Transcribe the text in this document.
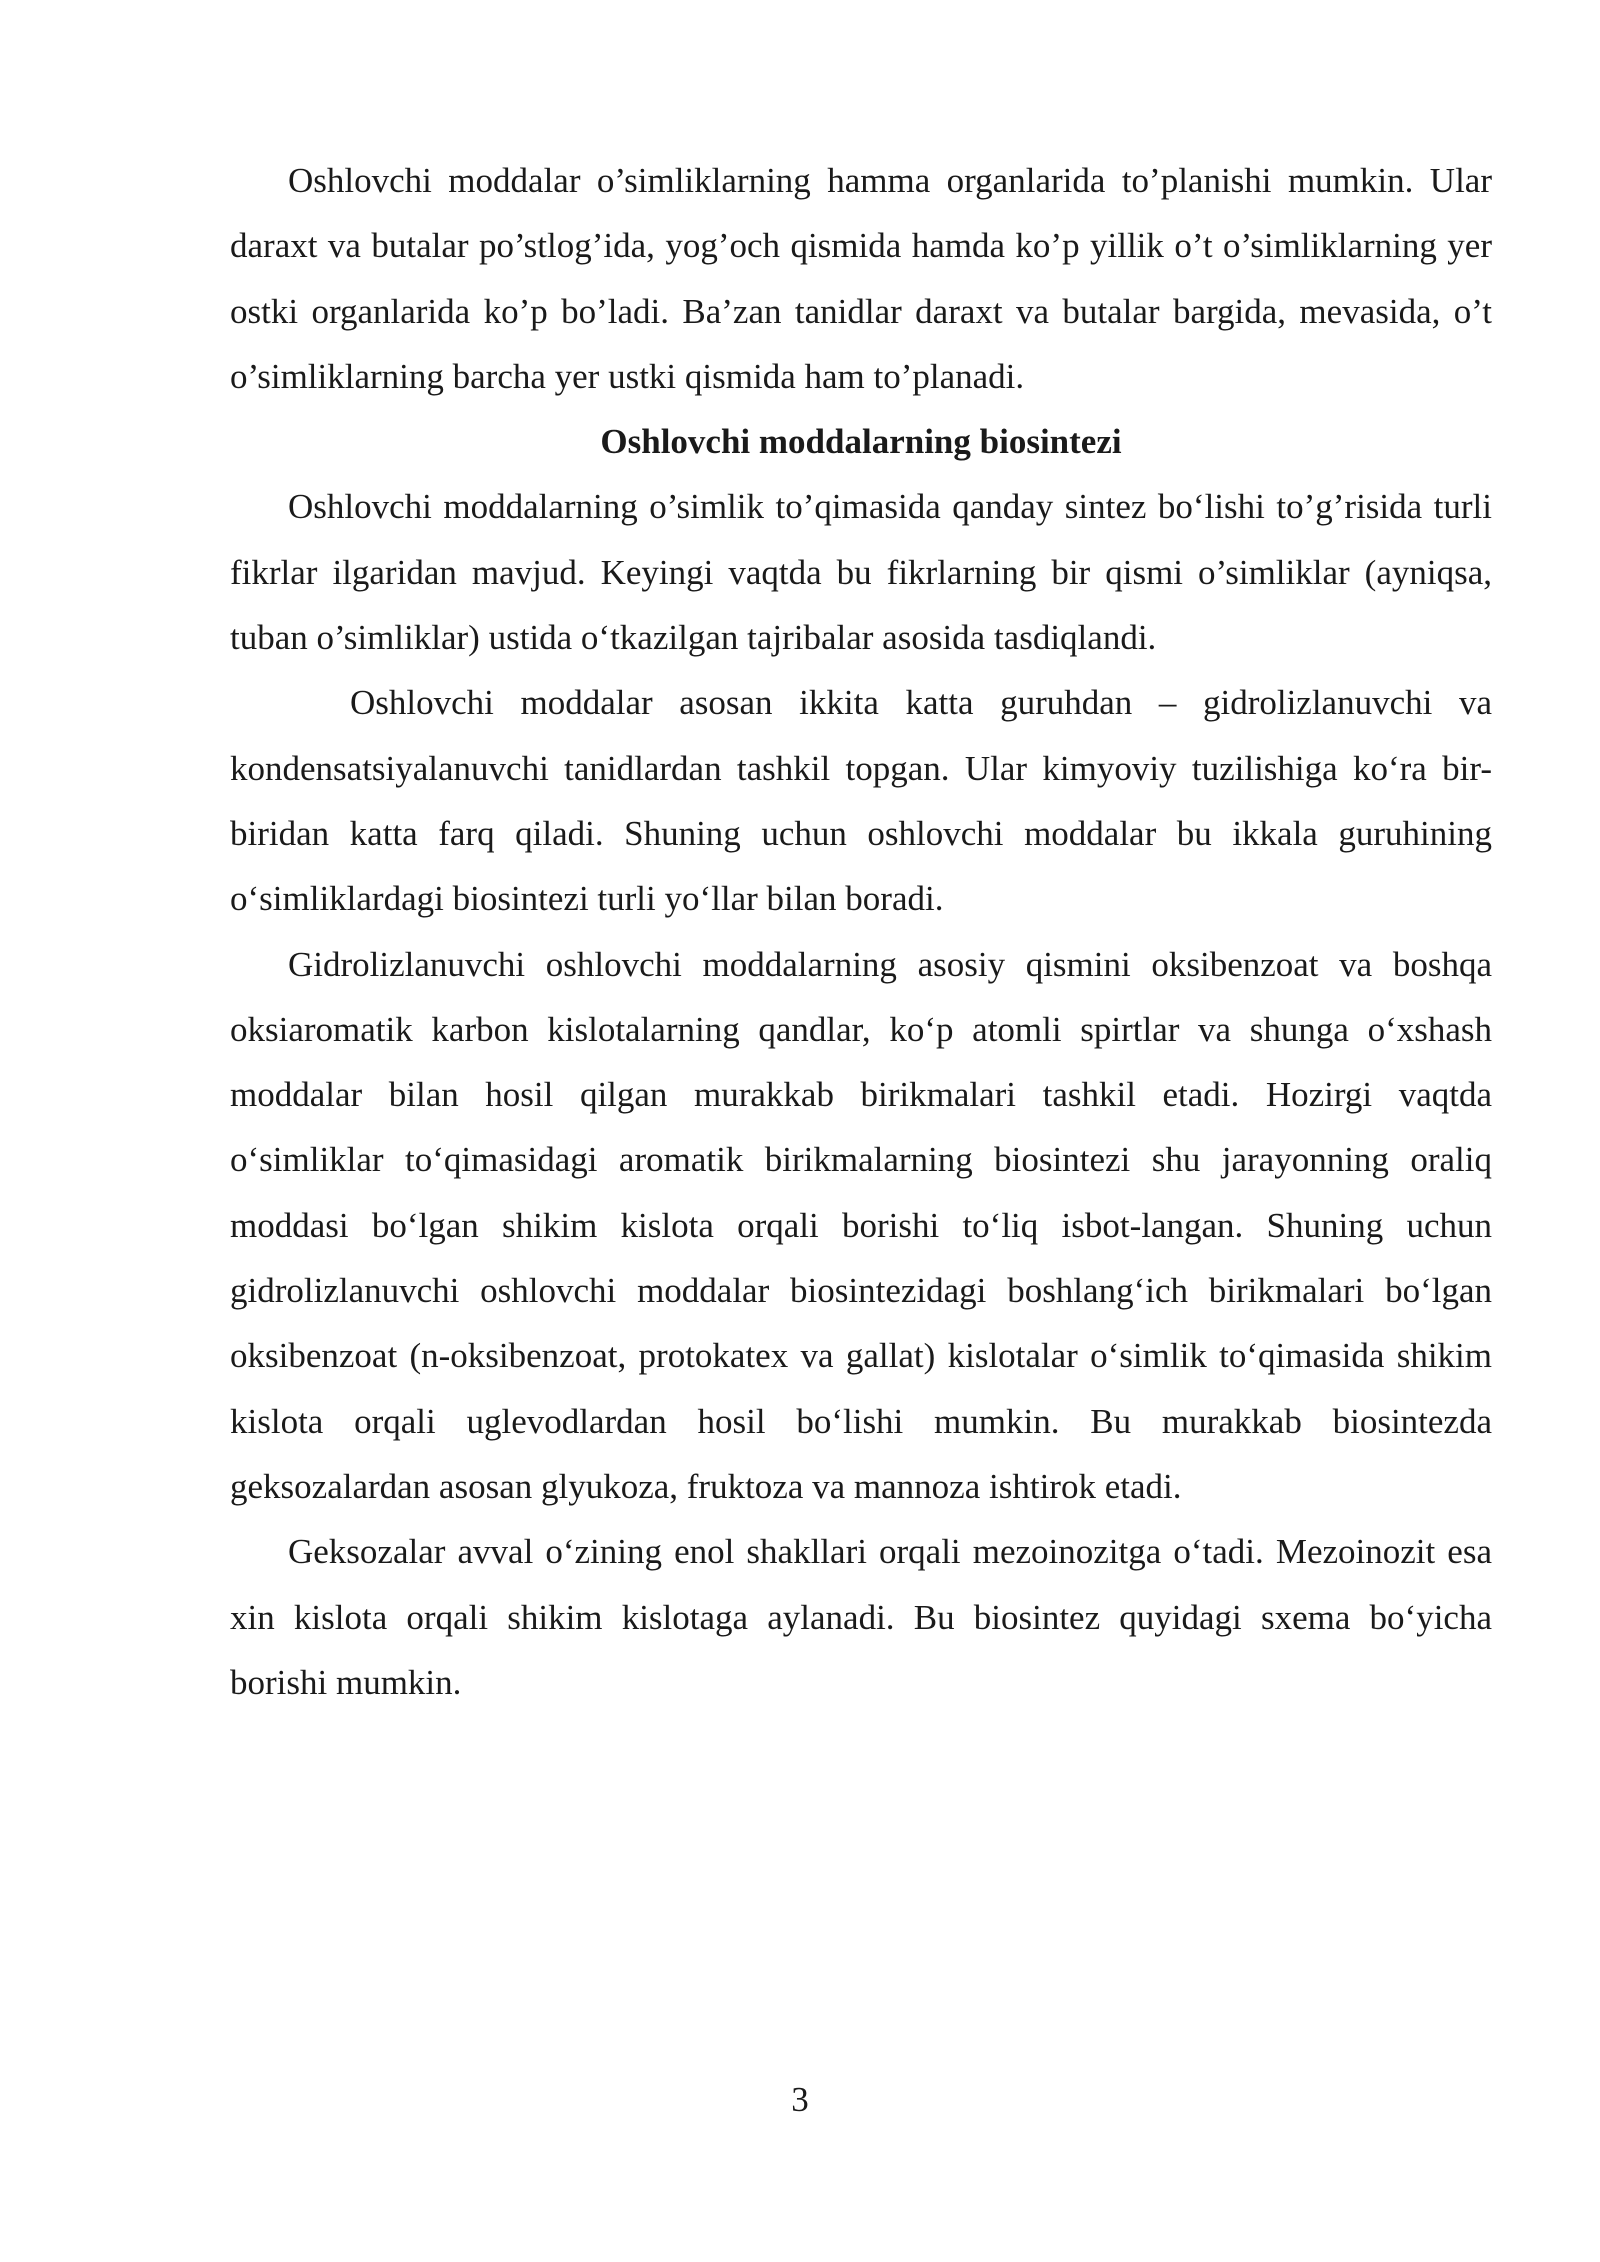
Oshlovchi moddalar o’simliklarning hamma organlarida to’planishi mumkin. Ular daraxt va butalar po’stlog’ida, yog’och qismida hamda ko’p yillik o’t o’simliklarning yer ostki organlarida ko’p bo’ladi. Ba’zan tanidlar daraxt va butalar bargida, mevasida, o’t o’simliklarning barcha yer ustki qismida ham to’planadi.

Oshlovchi moddalarning biosintezi

Oshlovchi moddalarning o’simlik to’qimasida qanday sintez bo‘lishi to’g’risida turli fikrlar ilgaridan mavjud. Keyingi vaqtda bu fikrlarning bir qismi o’simliklar (ayniqsa, tuban o’simliklar) ustida o‘tkazilgan tajribalar asosida tasdiqlandi.

Oshlovchi moddalar asosan ikkita katta guruhdan – gidrolizlanuvchi va kondensatsiyalanuvchi tanidlardan tashkil topgan. Ular kimyoviy tuzilishiga ko‘ra bir-biridan katta farq qiladi. Shuning uchun oshlovchi moddalar bu ikkala guruhining o‘simliklardagi biosintezi turli yo‘llar bilan boradi.

Gidrolizlanuvchi oshlovchi moddalarning asosiy qismini oksibenzoat va boshqa oksiaromatik karbon kislotalarning qandlar, ko‘p atomli spirtlar va shunga o‘xshash moddalar bilan hosil qilgan murakkab birikmalari tashkil etadi. Hozirgi vaqtda o‘simliklar to‘qimasidagi aromatik birikmalarning biosintezi shu jarayonning oraliq moddasi bo‘lgan shikim kislota orqali borishi to‘liq isbot-langan. Shuning uchun gidrolizlanuvchi oshlovchi moddalar biosintezidagi boshlang‘ich birikmalari bo‘lgan oksibenzoat (n-oksibenzoat, protokatex va gallat) kislotalar o‘simlik to‘qimasida shikim kislota orqali uglevodlardan hosil bo‘lishi mumkin. Bu murakkab biosintezda geksozalardan asosan glyukoza, fruktoza va mannoza ishtirok etadi.

Geksozalar avval o‘zining enol shakllari orqali mezoinozitga o‘tadi. Mezoinozit esa xin kislota orqali shikim kislotaga aylanadi. Bu biosintez quyidagi sxema bo‘yicha borishi mumkin.

3
